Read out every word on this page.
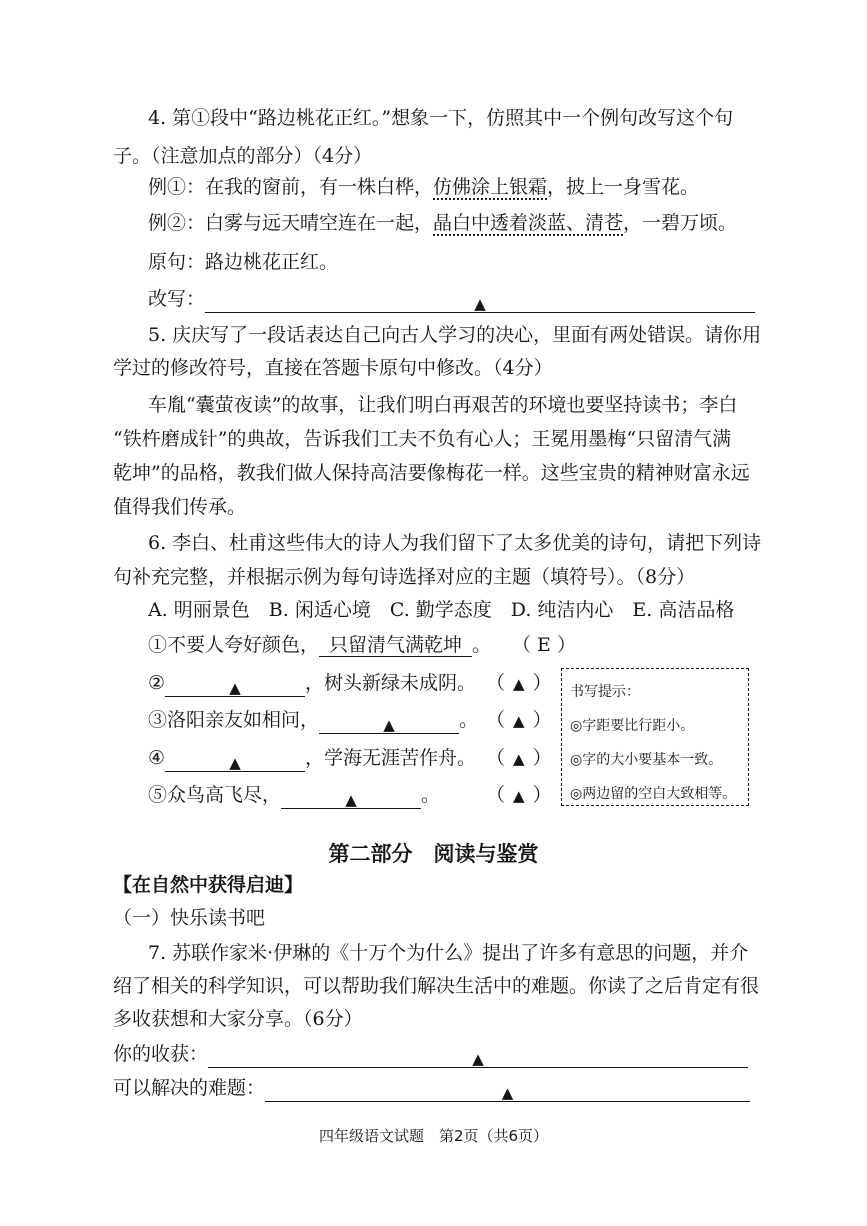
4. 第①段中“路边桃花正红。”想象一下，仿照其中一个例句改写这个句
子。（注意加点的部分）（4分）
例①：在我的窗前，有一株白桦，仿佛涂上银霜，披上一身雪花。
例②：白雾与远天晴空连在一起，晶白中透着淡蓝、清苍，一碧万顷。
原句：路边桃花正红。
改写：	▲
5. 庆庆写了一段话表达自己向古人学习的决心，里面有两处错误。请你用
学过的修改符号，直接在答题卡原句中修改。（4分）
车胤“囊萤夜读”的故事，让我们明白再艰苦的环境也要坚持读书；李白
“铁杵磨成针”的典故，告诉我们工夫不负有心人；王冕用墨梅“只留清气满
乾坤”的品格，教我们做人保持高洁要像梅花一样。这些宝贵的精神财富永远
值得我们传承。
6. 李白、杜甫这些伟大的诗人为我们留下了太多优美的诗句，请把下列诗
句补充完整，并根据示例为每句诗选择对应的主题（填符号）。（8分）
A. 明丽景色　B. 闲适心境　C. 勤学态度　D. 纯洁内心　E. 高洁品格
①不要人夸好颜色， 只留清气满乾坤 。 （ E ）
②	▲	，树头新绿未成阴。 （ ▲ ）
③洛阳亲友如相问，	▲	。 （ ▲ ）
④	▲	，学海无涯苦作舟。 （ ▲ ）
⑤众鸟高飞尽，	▲	。 （ ▲ ）
书写提示：
◎字距要比行距小。
◎字的大小要基本一致。
◎两边留的空白大致相等。
第二部分　阅读与鉴赏
【在自然中获得启迪】
（一）快乐读书吧
7. 苏联作家米·伊琳的《十万个为什么》提出了许多有意思的问题，并介
绍了相关的科学知识，可以帮助我们解决生活中的难题。你读了之后肯定有很
多收获想和大家分享。（6分）
你的收获：	▲
可以解决的难题：	▲
四年级语文试题　第2页（共6页）
